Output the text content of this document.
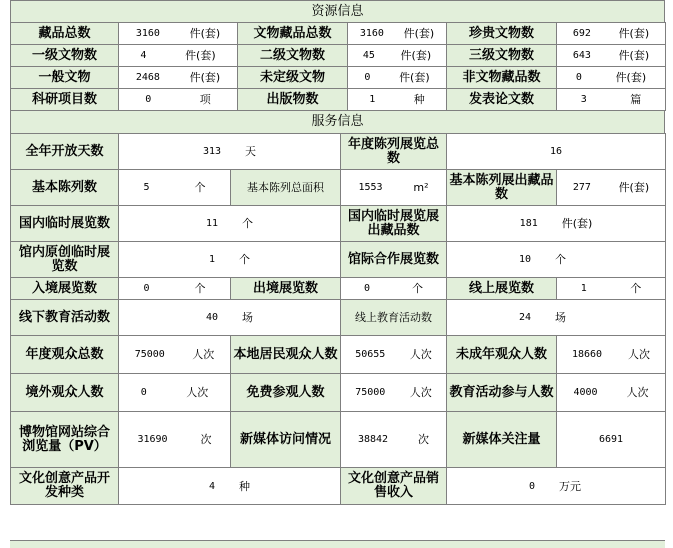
资源信息
藏品总数	3160 件(套)	文物藏品总数	3160 件(套)	珍贵文物数	692 件(套)

一级文物数	4 件(套)	二级文物数	45 件(套)	三级文物数	643 件(套)

一般文物	2468 件(套)	未定级文物	0 件(套)	非文物藏品数	0 件(套)

科研项目数	0 项	出版物数	1 种	发表论文数	3 篇
服务信息
全年开放天数	313 天		年度陈列展览总数	16	

基本陈列数	5 个	基本陈列总面积	1553 m²	基本陈列展出藏品数	277 件(套)

国内临时展览数	11 个		国内临时展览展出藏品数	181 件(套)	

馆内原创临时展览数	1 个		馆际合作展览数	10 个	

入境展览数	0 个	出境展览数	0 个	线上展览数	1 个

线下教育活动数	40 场		线上教育活动数	24 场	

年度观众总数	75000 人次	本地居民观众人数	50655 人次	未成年观众人数	18660 人次

境外观众人数	0 人次	免费参观人数	75000 人次	教育活动参与人数	4000 人次

博物馆网站综合浏览量（PV）	31690 次	新媒体访问情况	38842 次	新媒体关注量	6691

文化创意产品开发种类	4 种		文化创意产品销售收入	0 万元	
